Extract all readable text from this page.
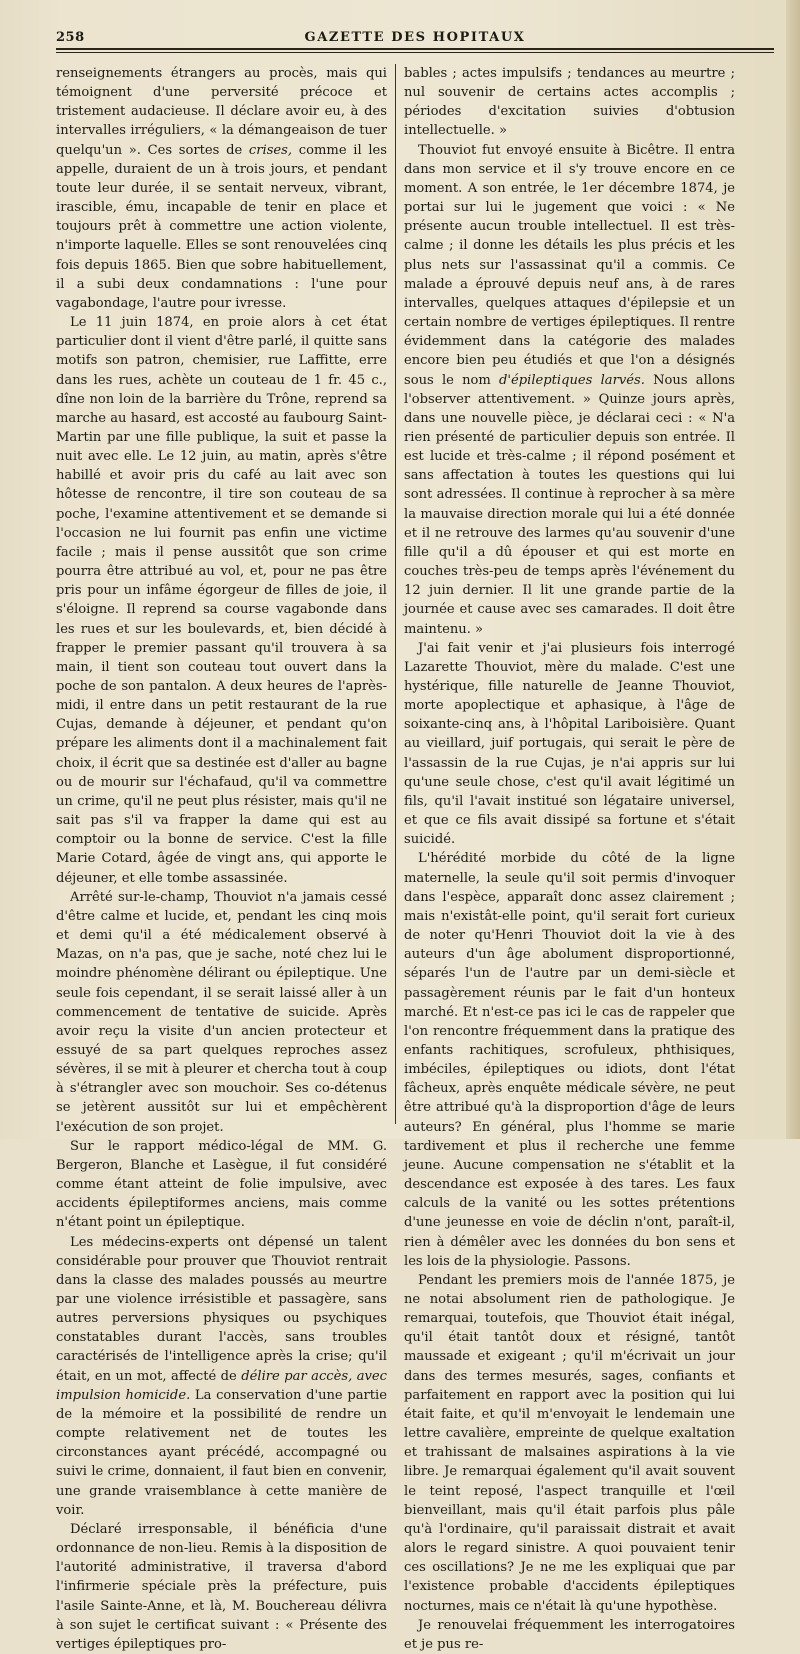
258	GAZETTE DES HOPITAUX

renseignements étrangers au procès, mais qui témoignent d'une perversité précoce et tristement audacieuse. Il déclare avoir eu, à des intervalles irréguliers, « la démangeaison de tuer quelqu'un ». Ces sortes de crises, comme il les appelle, duraient de un à trois jours, et pendant toute leur durée, il se sentait nerveux, vibrant, irascible, ému, incapable de tenir en place et toujours prêt à commettre une action violente, n'importe laquelle. Elles se sont renouvelées cinq fois depuis 1865. Bien que sobre habituellement, il a subi deux condamnations : l'une pour vagabondage, l'autre pour ivresse.

Le 11 juin 1874, en proie alors à cet état particulier dont il vient d'être parlé, il quitte sans motifs son patron, chemisier, rue Laffitte, erre dans les rues, achète un couteau de 1 fr. 45 c., dîne non loin de la barrière du Trône, reprend sa marche au hasard, est accosté au faubourg Saint-Martin par une fille publique, la suit et passe la nuit avec elle. Le 12 juin, au matin, après s'être habillé et avoir pris du café au lait avec son hôtesse de rencontre, il tire son couteau de sa poche, l'examine attentivement et se demande si l'occasion ne lui fournit pas enfin une victime facile ; mais il pense aussitôt que son crime pourra être attribué au vol, et, pour ne pas être pris pour un infâme égorgeur de filles de joie, il s'éloigne. Il reprend sa course vagabonde dans les rues et sur les boulevards, et, bien décidé à frapper le premier passant qu'il trouvera à sa main, il tient son couteau tout ouvert dans la poche de son pantalon. A deux heures de l'après-midi, il entre dans un petit restaurant de la rue Cujas, demande à déjeuner, et pendant qu'on prépare les aliments dont il a machinalement fait choix, il écrit que sa destinée est d'aller au bagne ou de mourir sur l'échafaud, qu'il va commettre un crime, qu'il ne peut plus résister, mais qu'il ne sait pas s'il va frapper la dame qui est au comptoir ou la bonne de service. C'est la fille Marie Cotard, âgée de vingt ans, qui apporte le déjeuner, et elle tombe assassinée.

Arrêté sur-le-champ, Thouviot n'a jamais cessé d'être calme et lucide, et, pendant les cinq mois et demi qu'il a été médicalement observé à Mazas, on n'a pas, que je sache, noté chez lui le moindre phénomène délirant ou épileptique. Une seule fois cependant, il se serait laissé aller à un commencement de tentative de suicide. Après avoir reçu la visite d'un ancien protecteur et essuyé de sa part quelques reproches assez sévères, il se mit à pleurer et chercha tout à coup à s'étrangler avec son mouchoir. Ses co-détenus se jetèrent aussitôt sur lui et empêchèrent l'exécution de son projet.

Sur le rapport médico-légal de MM. G. Bergeron, Blanche et Lasègue, il fut considéré comme étant atteint de folie impulsive, avec accidents épileptiformes anciens, mais comme n'étant point un épileptique.

Les médecins-experts ont dépensé un talent considérable pour prouver que Thouviot rentrait dans la classe des malades poussés au meurtre par une violence irrésistible et passagère, sans autres perversions physiques ou psychiques constatables durant l'accès, sans troubles caractérisés de l'intelligence après la crise; qu'il était, en un mot, affecté de délire par accès, avec impulsion homicide. La conservation d'une partie de la mémoire et la possibilité de rendre un compte relativement net de toutes les circonstances ayant précédé, accompagné ou suivi le crime, donnaient, il faut bien en convenir, une grande vraisemblance à cette manière de voir.

Déclaré irresponsable, il bénéficia d'une ordonnance de non-lieu. Remis à la disposition de l'autorité administrative, il traversa d'abord l'infirmerie spéciale près la préfecture, puis l'asile Sainte-Anne, et là, M. Bouchereau délivra à son sujet le certificat suivant : « Présente des vertiges épileptiques pro-

bables ; actes impulsifs ; tendances au meurtre ; nul souvenir de certains actes accomplis ; périodes d'excitation suivies d'obtusion intellectuelle. »

Thouviot fut envoyé ensuite à Bicêtre. Il entra dans mon service et il s'y trouve encore en ce moment. A son entrée, le 1er décembre 1874, je portai sur lui le jugement que voici : « Ne présente aucun trouble intellectuel. Il est très-calme ; il donne les détails les plus précis et les plus nets sur l'assassinat qu'il a commis. Ce malade a éprouvé depuis neuf ans, à de rares intervalles, quelques attaques d'épilepsie et un certain nombre de vertiges épileptiques. Il rentre évidemment dans la catégorie des malades encore bien peu étudiés et que l'on a désignés sous le nom d'épileptiques larvés. Nous allons l'observer attentivement. » Quinze jours après, dans une nouvelle pièce, je déclarai ceci : « N'a rien présenté de particulier depuis son entrée. Il est lucide et très-calme ; il répond posément et sans affectation à toutes les questions qui lui sont adressées. Il continue à reprocher à sa mère la mauvaise direction morale qui lui a été donnée et il ne retrouve des larmes qu'au souvenir d'une fille qu'il a dû épouser et qui est morte en couches très-peu de temps après l'événement du 12 juin dernier. Il lit une grande partie de la journée et cause avec ses camarades. Il doit être maintenu. »

J'ai fait venir et j'ai plusieurs fois interrogé Lazarette Thouviot, mère du malade. C'est une hystérique, fille naturelle de Jeanne Thouviot, morte apoplectique et aphasique, à l'âge de soixante-cinq ans, à l'hôpital Lariboisière. Quant au vieillard, juif portugais, qui serait le père de l'assassin de la rue Cujas, je n'ai appris sur lui qu'une seule chose, c'est qu'il avait légitimé un fils, qu'il l'avait institué son légataire universel, et que ce fils avait dissipé sa fortune et s'était suicidé.

L'hérédité morbide du côté de la ligne maternelle, la seule qu'il soit permis d'invoquer dans l'espèce, apparaît donc assez clairement ; mais n'existât-elle point, qu'il serait fort curieux de noter qu'Henri Thouviot doit la vie à des auteurs d'un âge abolument disproportionné, séparés l'un de l'autre par un demi-siècle et passagèrement réunis par le fait d'un honteux marché. Et n'est-ce pas ici le cas de rappeler que l'on rencontre fréquemment dans la pratique des enfants rachitiques, scrofuleux, phthisiques, imbéciles, épileptiques ou idiots, dont l'état fâcheux, après enquête médicale sévère, ne peut être attribué qu'à la disproportion d'âge de leurs auteurs? En général, plus l'homme se marie tardivement et plus il recherche une femme jeune. Aucune compensation ne s'établit et la descendance est exposée à des tares. Les faux calculs de la vanité ou les sottes prétentions d'une jeunesse en voie de déclin n'ont, paraît-il, rien à démêler avec les données du bon sens et les lois de la physiologie. Passons.

Pendant les premiers mois de l'année 1875, je ne notai absolument rien de pathologique. Je remarquai, toutefois, que Thouviot était inégal, qu'il était tantôt doux et résigné, tantôt maussade et exigeant ; qu'il m'écrivait un jour dans des termes mesurés, sages, confiants et parfaitement en rapport avec la position qui lui était faite, et qu'il m'envoyait le lendemain une lettre cavalière, empreinte de quelque exaltation et trahissant de malsaines aspirations à la vie libre. Je remarquai également qu'il avait souvent le teint reposé, l'aspect tranquille et l'œil bienveillant, mais qu'il était parfois plus pâle qu'à l'ordinaire, qu'il paraissait distrait et avait alors le regard sinistre. A quoi pouvaient tenir ces oscillations? Je ne me les expliquai que par l'existence probable d'accidents épileptiques nocturnes, mais ce n'était là qu'une hypothèse.

Je renouvelai fréquemment les interrogatoires et je pus re-
